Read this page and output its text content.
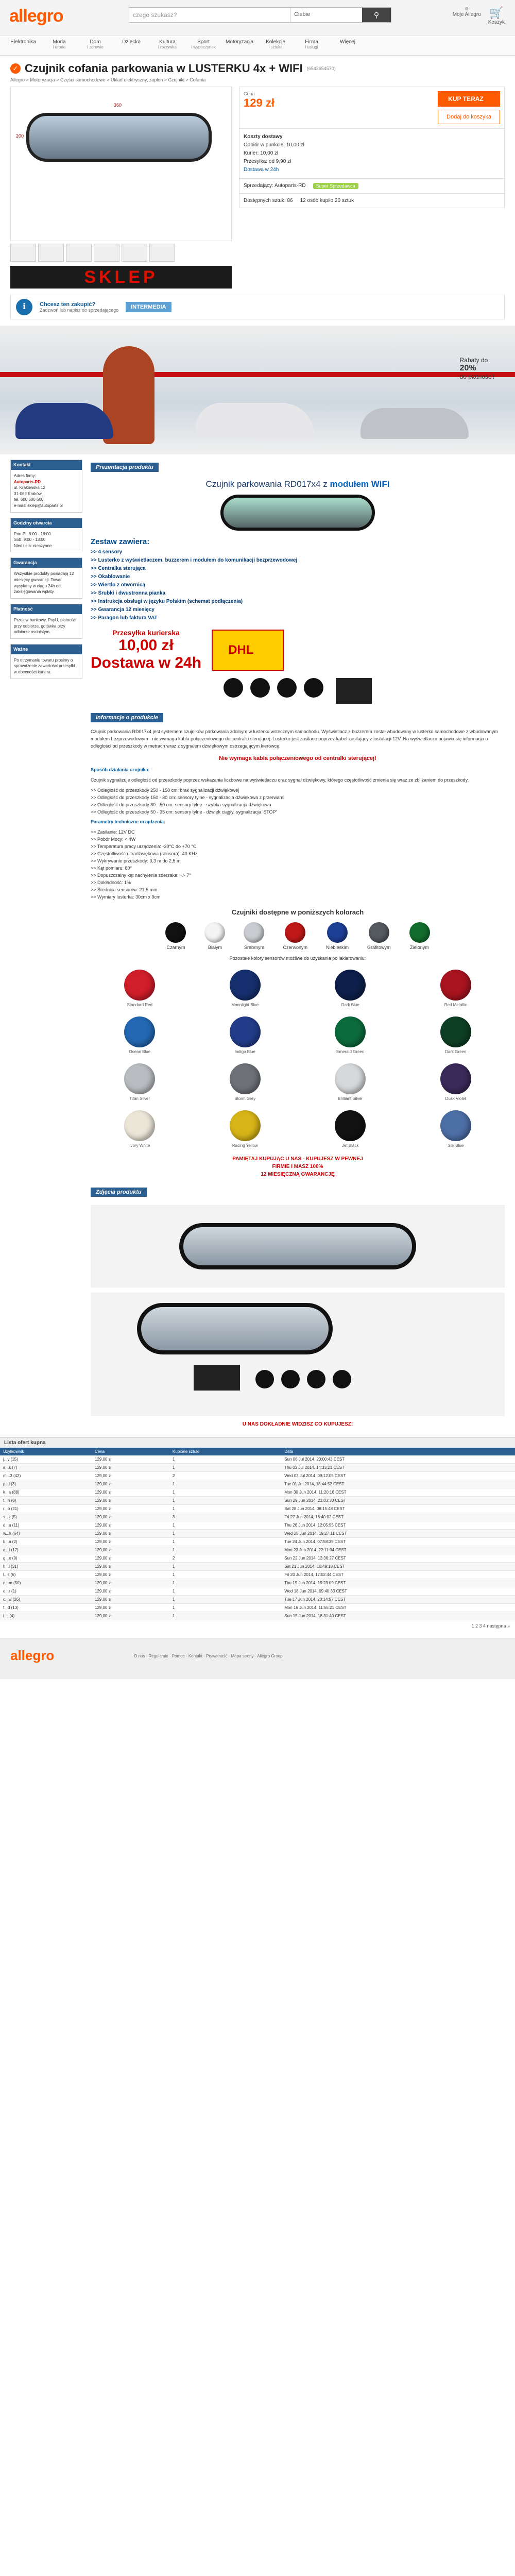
allegro	czego szukasz?	Ciebie	⚲
☺
Moje Allegro 🛒
Koszyk
Elektronika	Moda
i uroda
Dom
i zdrowie
Dziecko	Kultura
i rozrywka
Sport
i wypoczynek
Motoryzacja	Kolekcje
i sztuka
Firma
i usługi
Więcej
✓ Czujnik cofania parkowania w LUSTERKU 4x + WIFI (6543654570)
Allegro > Motoryzacja > Części samochodowe > Układ elektryczny, zapłon > Czujniki > Cofania
360
200
SKLEP
Cena
129 zł	KUP TERAZ
Dodaj do koszyka
Koszty dostawy
Odbiór w punkcie: 10,00 zł
Kurier: 10,00 zł
Przesyłka: od 9,90 zł
Dostawa w 24h
Sprzedający: Autoparts-RD	Super Sprzedawca
Dostępnych sztuk: 86 12 osób kupiło 20 sztuk
ℹ	Chcesz ten zakupić?
Zadzwoń lub napisz do sprzedającego	INTERMEDIA
Rabaty do
20%
do platności!
Kontakt
Adres firmy:
Autoparts-RD
ul. Krakowska 12
31-062 Kraków
tel. 600 600 600
e-mail: sklep@autoparts.pl
Godziny otwarcia
Pon-Pt: 8:00 - 16:00
Sob: 9:00 - 13:00
Niedziela: nieczynne
Gwarancja
Wszystkie produkty posiadają 12 miesięcy gwarancji. Towar wysyłamy w ciągu 24h od zaksięgowania wpłaty.
Płatność
Przelew bankowy, PayU, płatność przy odbiorze, gotówka przy odbiorze osobistym.
Ważne
Po otrzymaniu towaru prosimy o sprawdzenie zawartości przesyłki w obecności kuriera.
Prezentacja produktu
Czujnik parkowania RD017x4 z modułem WiFi
Zestaw zawiera:
>> 4 sensory
>> Lusterko z wyświetlaczem, buzzerem i modułem do komunikacji bezprzewodowej
>> Centralka sterująca
>> Okablowanie
>> Wiertło z otwornicą
>> Śrubki i dwustronna pianka
>> Instrukcja obsługi w języku Polskim (schemat podłączenia)
>> Gwarancja 12 miesięcy
>> Paragon lub faktura VAT
Przesyłka kurierska
10,00 zł
Dostawa w 24h
DHL
Informacje o produkcie
Czujnik parkowania RD017x4 jest systemem czujników parkowania zdolnym w lusterku wstecznym samochodu. Wyświetlacz z buzzerem został wbudowany w lusterko samochodowe z wbudowanym modułem bezprzewodowym - nie wymaga kabla połączeniowego do centralki sterującej. Lusterko jest zasilane poprzez kabel zasilający z instalacji 12V. Na wyświetlaczu pojawia się informacja o odległości od przeszkody w metrach wraz z sygnałem dźwiękowym ostrzegającym kierowcę.
Nie wymaga kabla połączeniowego od centralki sterującej!
Sposób działania czujnika:
Czujnik sygnalizuje odległość od przeszkody poprzez wskazania liczbowe na wyświetlaczu oraz sygnał dźwiękowy, którego częstotliwość zmienia się wraz ze zbliżaniem do przeszkody.
>> Odległość do przeszkody 250 - 150 cm: brak sygnalizacji dźwiękowej
>> Odległość do przeszkody 150 - 80 cm: sensory tylne - sygnalizacja dźwiękowa z przerwami
>> Odległość do przeszkody 80 - 50 cm: sensory tylne - szybka sygnalizacja dźwiękowa
>> Odległość do przeszkody 50 - 35 cm: sensory tylne - dźwięk ciągły, sygnalizacja 'STOP'
Parametry techniczne urządzenia:
>> Zasilanie: 12V DC
>> Pobór Mocy: < 4W
>> Temperatura pracy urządzenia: -30°C do +70 °C
>> Częstotliwość ultradźwiękowa (sensora): 40 KHz
>> Wykrywanie przeszkody: 0,3 m do 2,5 m
>> Kąt pomiaru: 80°
>> Dopuszczalny kąt nachylenia zderzaka: +/- 7°
>> Dokładność: 1%
>> Średnica sensorów: 21,5 mm
>> Wymiary lusterka: 30cm x 9cm
Czujniki dostępne w poniższych kolorach
Czarnym	Białym	Srebrnym	Czerwonym	Niebieskim	Grafitowym	Zielonym
Pozostałe kolory sensorów możliwe do uzyskania po lakierowaniu:
Standard Red	Moonlight Blue	Dark Blue	Red Metallic
Ocean Blue	Indigo Blue	Emerald Green	Dark Green
Titan Silver	Storm Grey	Brilliant Silver	Dusk Violet
Ivory White	Racing Yellow	Jet Black	Silk Blue
PAMIĘTAJ KUPUJĄC U NAS - KUPUJESZ W PEWNEJ
FIRMIE I MASZ 100%
12 MIESIĘCZNĄ GWARANCJĘ
Zdjęcia produktu
U NAS DOKŁADNIE WIDZISZ CO KUPUJESZ!
Lista ofert kupna
Użytkownik	Cena	Kupione sztuki	Data
j...y (15)	129,00 zł	1	Sun 06 Jul 2014, 20:00:43 CEST
a...k (7)	129,00 zł	1	Thu 03 Jul 2014, 14:33:21 CEST
m...3 (42)	129,00 zł	2	Wed 02 Jul 2014, 09:12:05 CEST
p...l (3)	129,00 zł	1	Tue 01 Jul 2014, 18:44:52 CEST
k...a (88)	129,00 zł	1	Mon 30 Jun 2014, 11:20:16 CEST
t...n (0)	129,00 zł	1	Sun 29 Jun 2014, 21:03:30 CEST
r...o (21)	129,00 zł	1	Sat 28 Jun 2014, 08:15:48 CEST
s...z (5)	129,00 zł	3	Fri 27 Jun 2014, 16:40:02 CEST
d...u (11)	129,00 zł	1	Thu 26 Jun 2014, 12:05:55 CEST
w...k (64)	129,00 zł	1	Wed 25 Jun 2014, 19:27:11 CEST
b...a (2)	129,00 zł	1	Tue 24 Jun 2014, 07:58:39 CEST
e...t (17)	129,00 zł	1	Mon 23 Jun 2014, 22:11:04 CEST
g...e (9)	129,00 zł	2	Sun 22 Jun 2014, 13:36:27 CEST
h...i (31)	129,00 zł	1	Sat 21 Jun 2014, 10:49:18 CEST
l...s (6)	129,00 zł	1	Fri 20 Jun 2014, 17:02:44 CEST
n...m (50)	129,00 zł	1	Thu 19 Jun 2014, 15:23:09 CEST
o...r (1)	129,00 zł	1	Wed 18 Jun 2014, 09:40:33 CEST
c...w (26)	129,00 zł	1	Tue 17 Jun 2014, 20:14:57 CEST
f...d (13)	129,00 zł	1	Mon 16 Jun 2014, 11:55:21 CEST
i...j (4)	129,00 zł	1	Sun 15 Jun 2014, 18:31:40 CEST
1 2 3 4 następna »
allegro	O nas · Regulamin · Pomoc · Kontakt · Prywatność · Mapa strony · Allegro Group
